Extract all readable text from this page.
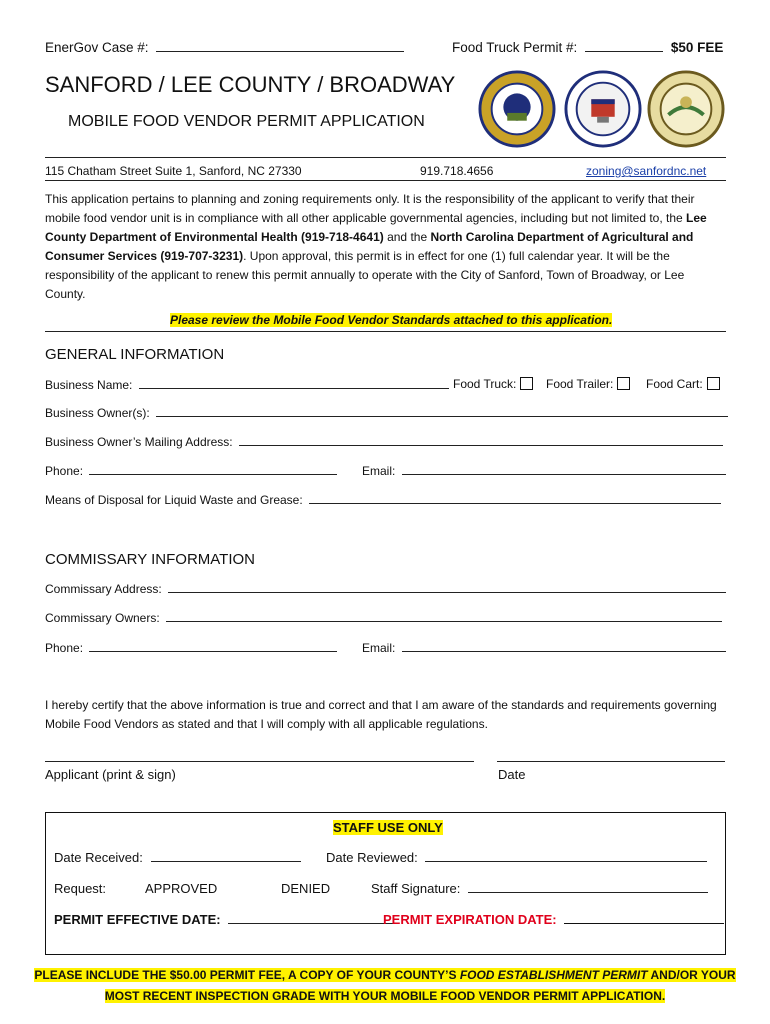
EnerGov Case #:	Food Truck Permit #:	$50 FEE
SANFORD / LEE COUNTY / BROADWAY
MOBILE FOOD VENDOR PERMIT APPLICATION
115 Chatham Street Suite 1, Sanford, NC 27330	919.718.4656	zoning@sanfordnc.net
This application pertains to planning and zoning requirements only. It is the responsibility of the applicant to verify that their mobile food vendor unit is in compliance with all other applicable governmental agencies, including but not limited to, the Lee County Department of Environmental Health (919-718-4641) and the North Carolina Department of Agricultural and Consumer Services (919-707-3231). Upon approval, this permit is in effect for one (1) full calendar year. It will be the responsibility of the applicant to renew this permit annually to operate with the City of Sanford, Town of Broadway, or Lee County.
Please review the Mobile Food Vendor Standards attached to this application.
GENERAL INFORMATION
Business Name:	Food Truck:	Food Trailer:	Food Cart:
Business Owner(s):
Business Owner’s Mailing Address:
Phone:	Email:
Means of Disposal for Liquid Waste and Grease:
COMMISSARY INFORMATION
Commissary Address:
Commissary Owners:
Phone:	Email:
I hereby certify that the above information is true and correct and that I am aware of the standards and requirements governing Mobile Food Vendors as stated and that I will comply with all applicable regulations.
Applicant (print & sign)	Date
STAFF USE ONLY
Date Received:	Date Reviewed:
Request:	APPROVED	DENIED	Staff Signature:
PERMIT EFFECTIVE DATE:	PERMIT EXPIRATION DATE:
PLEASE INCLUDE THE $50.00 PERMIT FEE, A COPY OF YOUR COUNTY’S FOOD ESTABLISHMENT PERMIT AND/OR YOUR
MOST RECENT INSPECTION GRADE WITH YOUR MOBILE FOOD VENDOR PERMIT APPLICATION.
